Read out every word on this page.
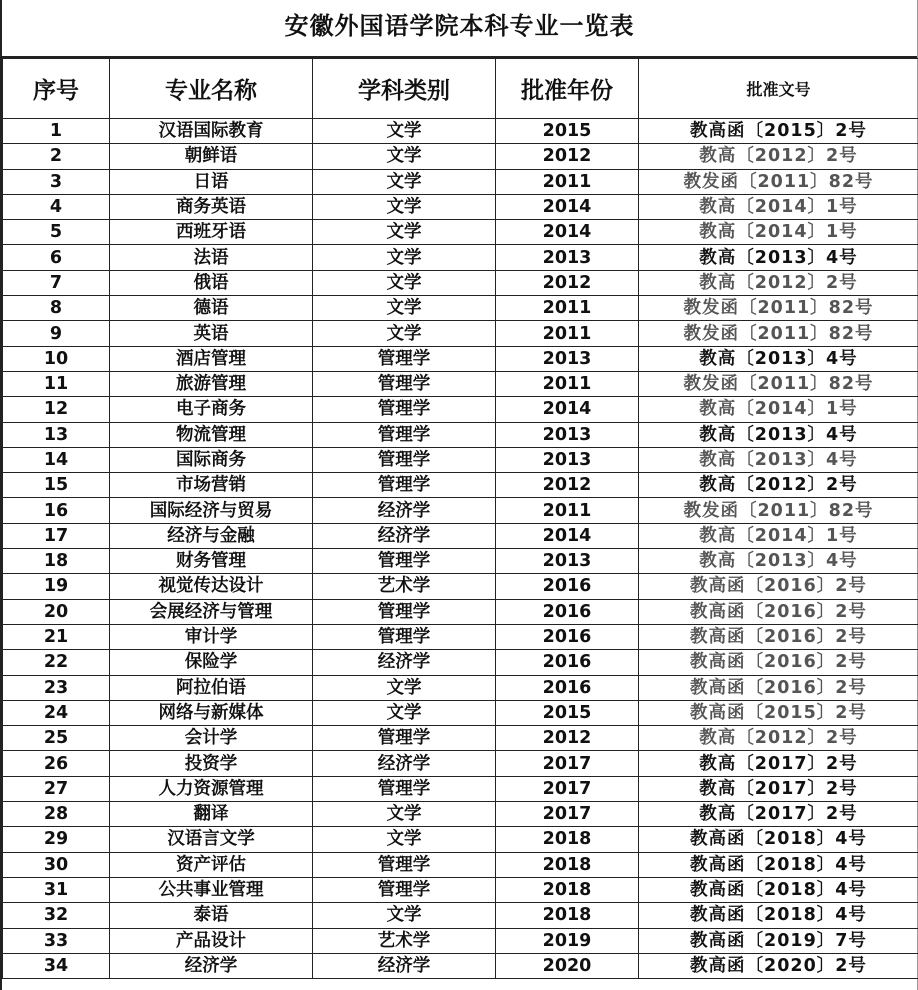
安徽外国语学院本科专业一览表
序号	专业名称	学科类别	批准年份	批准文号
1	汉语国际教育	文学	2015	教高函〔2015〕2号
2	朝鲜语	文学	2012	教高〔2012〕2号
3	日语	文学	2011	教发函〔2011〕82号
4	商务英语	文学	2014	教高〔2014〕1号
5	西班牙语	文学	2014	教高〔2014〕1号
6	法语	文学	2013	教高〔2013〕4号
7	俄语	文学	2012	教高〔2012〕2号
8	德语	文学	2011	教发函〔2011〕82号
9	英语	文学	2011	教发函〔2011〕82号
10	酒店管理	管理学	2013	教高〔2013〕4号
11	旅游管理	管理学	2011	教发函〔2011〕82号
12	电子商务	管理学	2014	教高〔2014〕1号
13	物流管理	管理学	2013	教高〔2013〕4号
14	国际商务	管理学	2013	教高〔2013〕4号
15	市场营销	管理学	2012	教高〔2012〕2号
16	国际经济与贸易	经济学	2011	教发函〔2011〕82号
17	经济与金融	经济学	2014	教高〔2014〕1号
18	财务管理	管理学	2013	教高〔2013〕4号
19	视觉传达设计	艺术学	2016	教高函〔2016〕2号
20	会展经济与管理	管理学	2016	教高函〔2016〕2号
21	审计学	管理学	2016	教高函〔2016〕2号
22	保险学	经济学	2016	教高函〔2016〕2号
23	阿拉伯语	文学	2016	教高函〔2016〕2号
24	网络与新媒体	文学	2015	教高函〔2015〕2号
25	会计学	管理学	2012	教高〔2012〕2号
26	投资学	经济学	2017	教高〔2017〕2号
27	人力资源管理	管理学	2017	教高〔2017〕2号
28	翻译	文学	2017	教高〔2017〕2号
29	汉语言文学	文学	2018	教高函〔2018〕4号
30	资产评估	管理学	2018	教高函〔2018〕4号
31	公共事业管理	管理学	2018	教高函〔2018〕4号
32	泰语	文学	2018	教高函〔2018〕4号
33	产品设计	艺术学	2019	教高函〔2019〕7号
34	经济学	经济学	2020	教高函〔2020〕2号
